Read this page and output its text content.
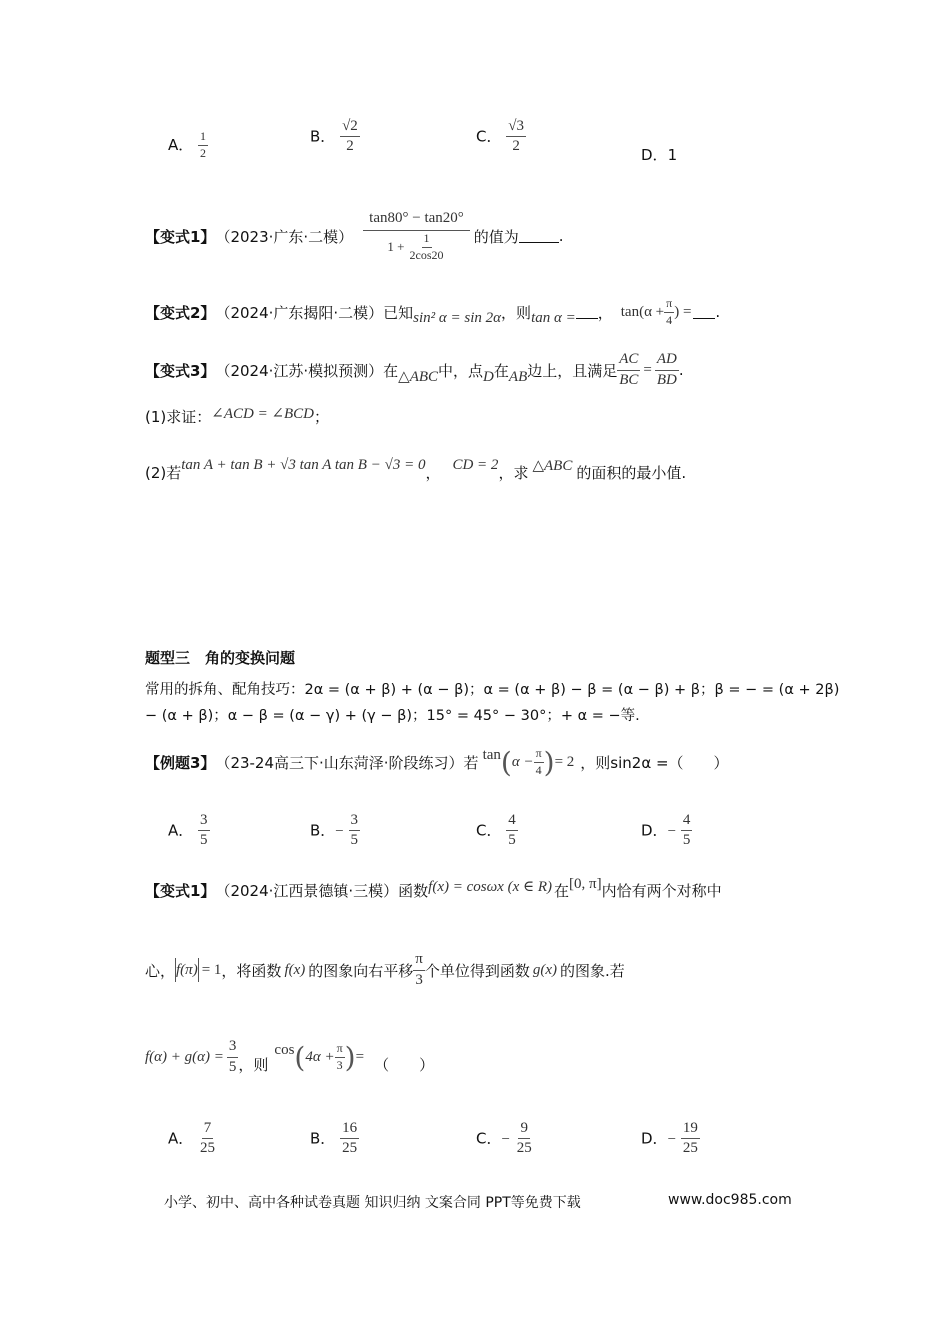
A． $\frac{1}{2}$	B． $\frac{√2}{2}$	C． $\frac{√3}{2}$	D．1
【变式1】 （2023·广东·二模） $\frac{\tan 80^\circ - \tan 20^\circ}{1 + \frac{1}{2\cos 20}}$ 的值为	.
【变式2】 （2024·广东揭阳·二模）已知 sin² α = sin 2α ，则 tan α = ， $\tan(\alpha + \frac{\pi}{4}$ ) = .
【变式3】 （2024·江苏·模拟预测）在 △ABC 中，点 D 在 AB 边上，且满足 $\frac{AC}{BC} = \frac{AD}{BD}$ .
(1)求证： ∠ACD = ∠BCD ；
(2)若 tan A + tan B + √3 tan A tan B − √3 = 0 ， CD = 2 ，求 △ABC 的面积的最小值.
题型三　角的变换问题
常用的拆角、配角技巧：2α = (α + β) + (α − β)；α = (α + β) − β = (α − β) + β；β = − = (α + 2β)
− (α + β)；α − β = (α − γ) + (γ − β)；15° = 45° − 30°；+ α = −等.
【例题3】 （23-24高三下·山东菏泽·阶段练习）若 tan ( $\alpha - \frac{\pi}{4}$ ) = 2 ，则sin2α =（　　）
A． $\frac{3}{5}$	B．− $\frac{3}{5}$	C． $\frac{4}{5}$	D．− $\frac{4}{5}$
【变式1】 （2024·江西景德镇·三模）函数 f(x) = cosωx (x ∈ R) 在 [0, π] 内恰有两个对称中
心， f(π) = 1 ，将函数 f(x) 的图象向右平移 $\frac{\pi}{3}$ 个单位得到函数 g(x) 的图象.若
$f(\alpha) + g(\alpha) = \frac{3}{5}$ ，则
cos ( $4\alpha + \frac{\pi}{3}$ ) = （　　）
A． $\frac{7}{25}$	B． $\frac{16}{25}$	C．− $\frac{9}{25}$	D．− $\frac{19}{25}$
小学、初中、高中各种试卷真题 知识归纳 文案合同 PPT等免费下载	www.doc985.com
